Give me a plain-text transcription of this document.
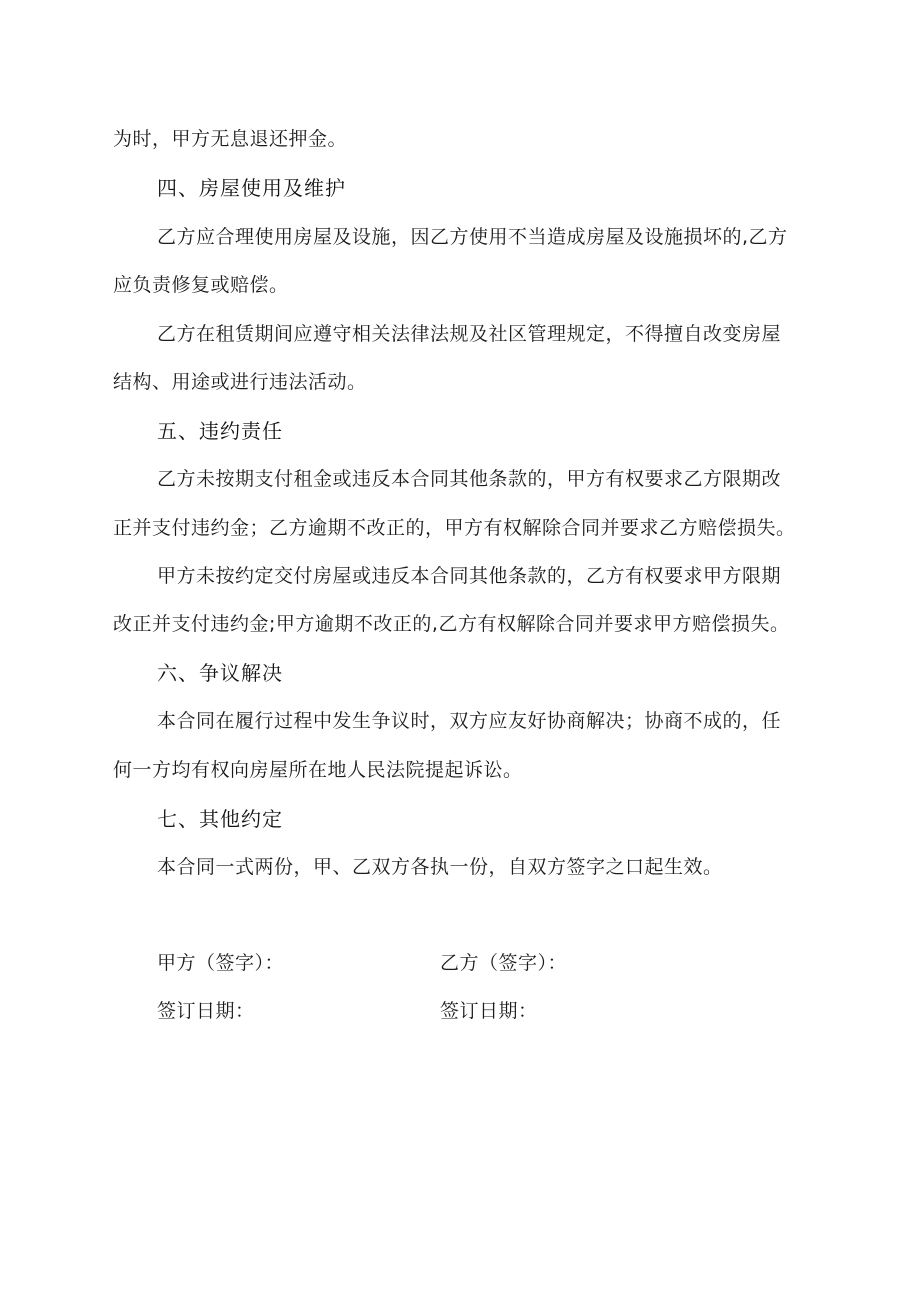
为时，甲方无息退还押金。
四、房屋使用及维护
乙方应合理使用房屋及设施，因乙方使用不当造成房屋及设施损坏的,乙方
应负责修复或赔偿。
乙方在租赁期间应遵守相关法律法规及社区管理规定，不得擅自改变房屋
结构、用途或进行违法活动。
五、违约责任
乙方未按期支付租金或违反本合同其他条款的，甲方有权要求乙方限期改
正并支付违约金；乙方逾期不改正的，甲方有权解除合同并要求乙方赔偿损失。
甲方未按约定交付房屋或违反本合同其他条款的，乙方有权要求甲方限期
改正并支付违约金;甲方逾期不改正的,乙方有权解除合同并要求甲方赔偿损失。
六、争议解决
本合同在履行过程中发生争议时，双方应友好协商解决；协商不成的，任
何一方均有权向房屋所在地人民法院提起诉讼。
七、其他约定
本合同一式两份，甲、乙双方各执一份，自双方签字之口起生效。
甲方（签字）：	乙方（签字）：
签订日期：	签订日期：
